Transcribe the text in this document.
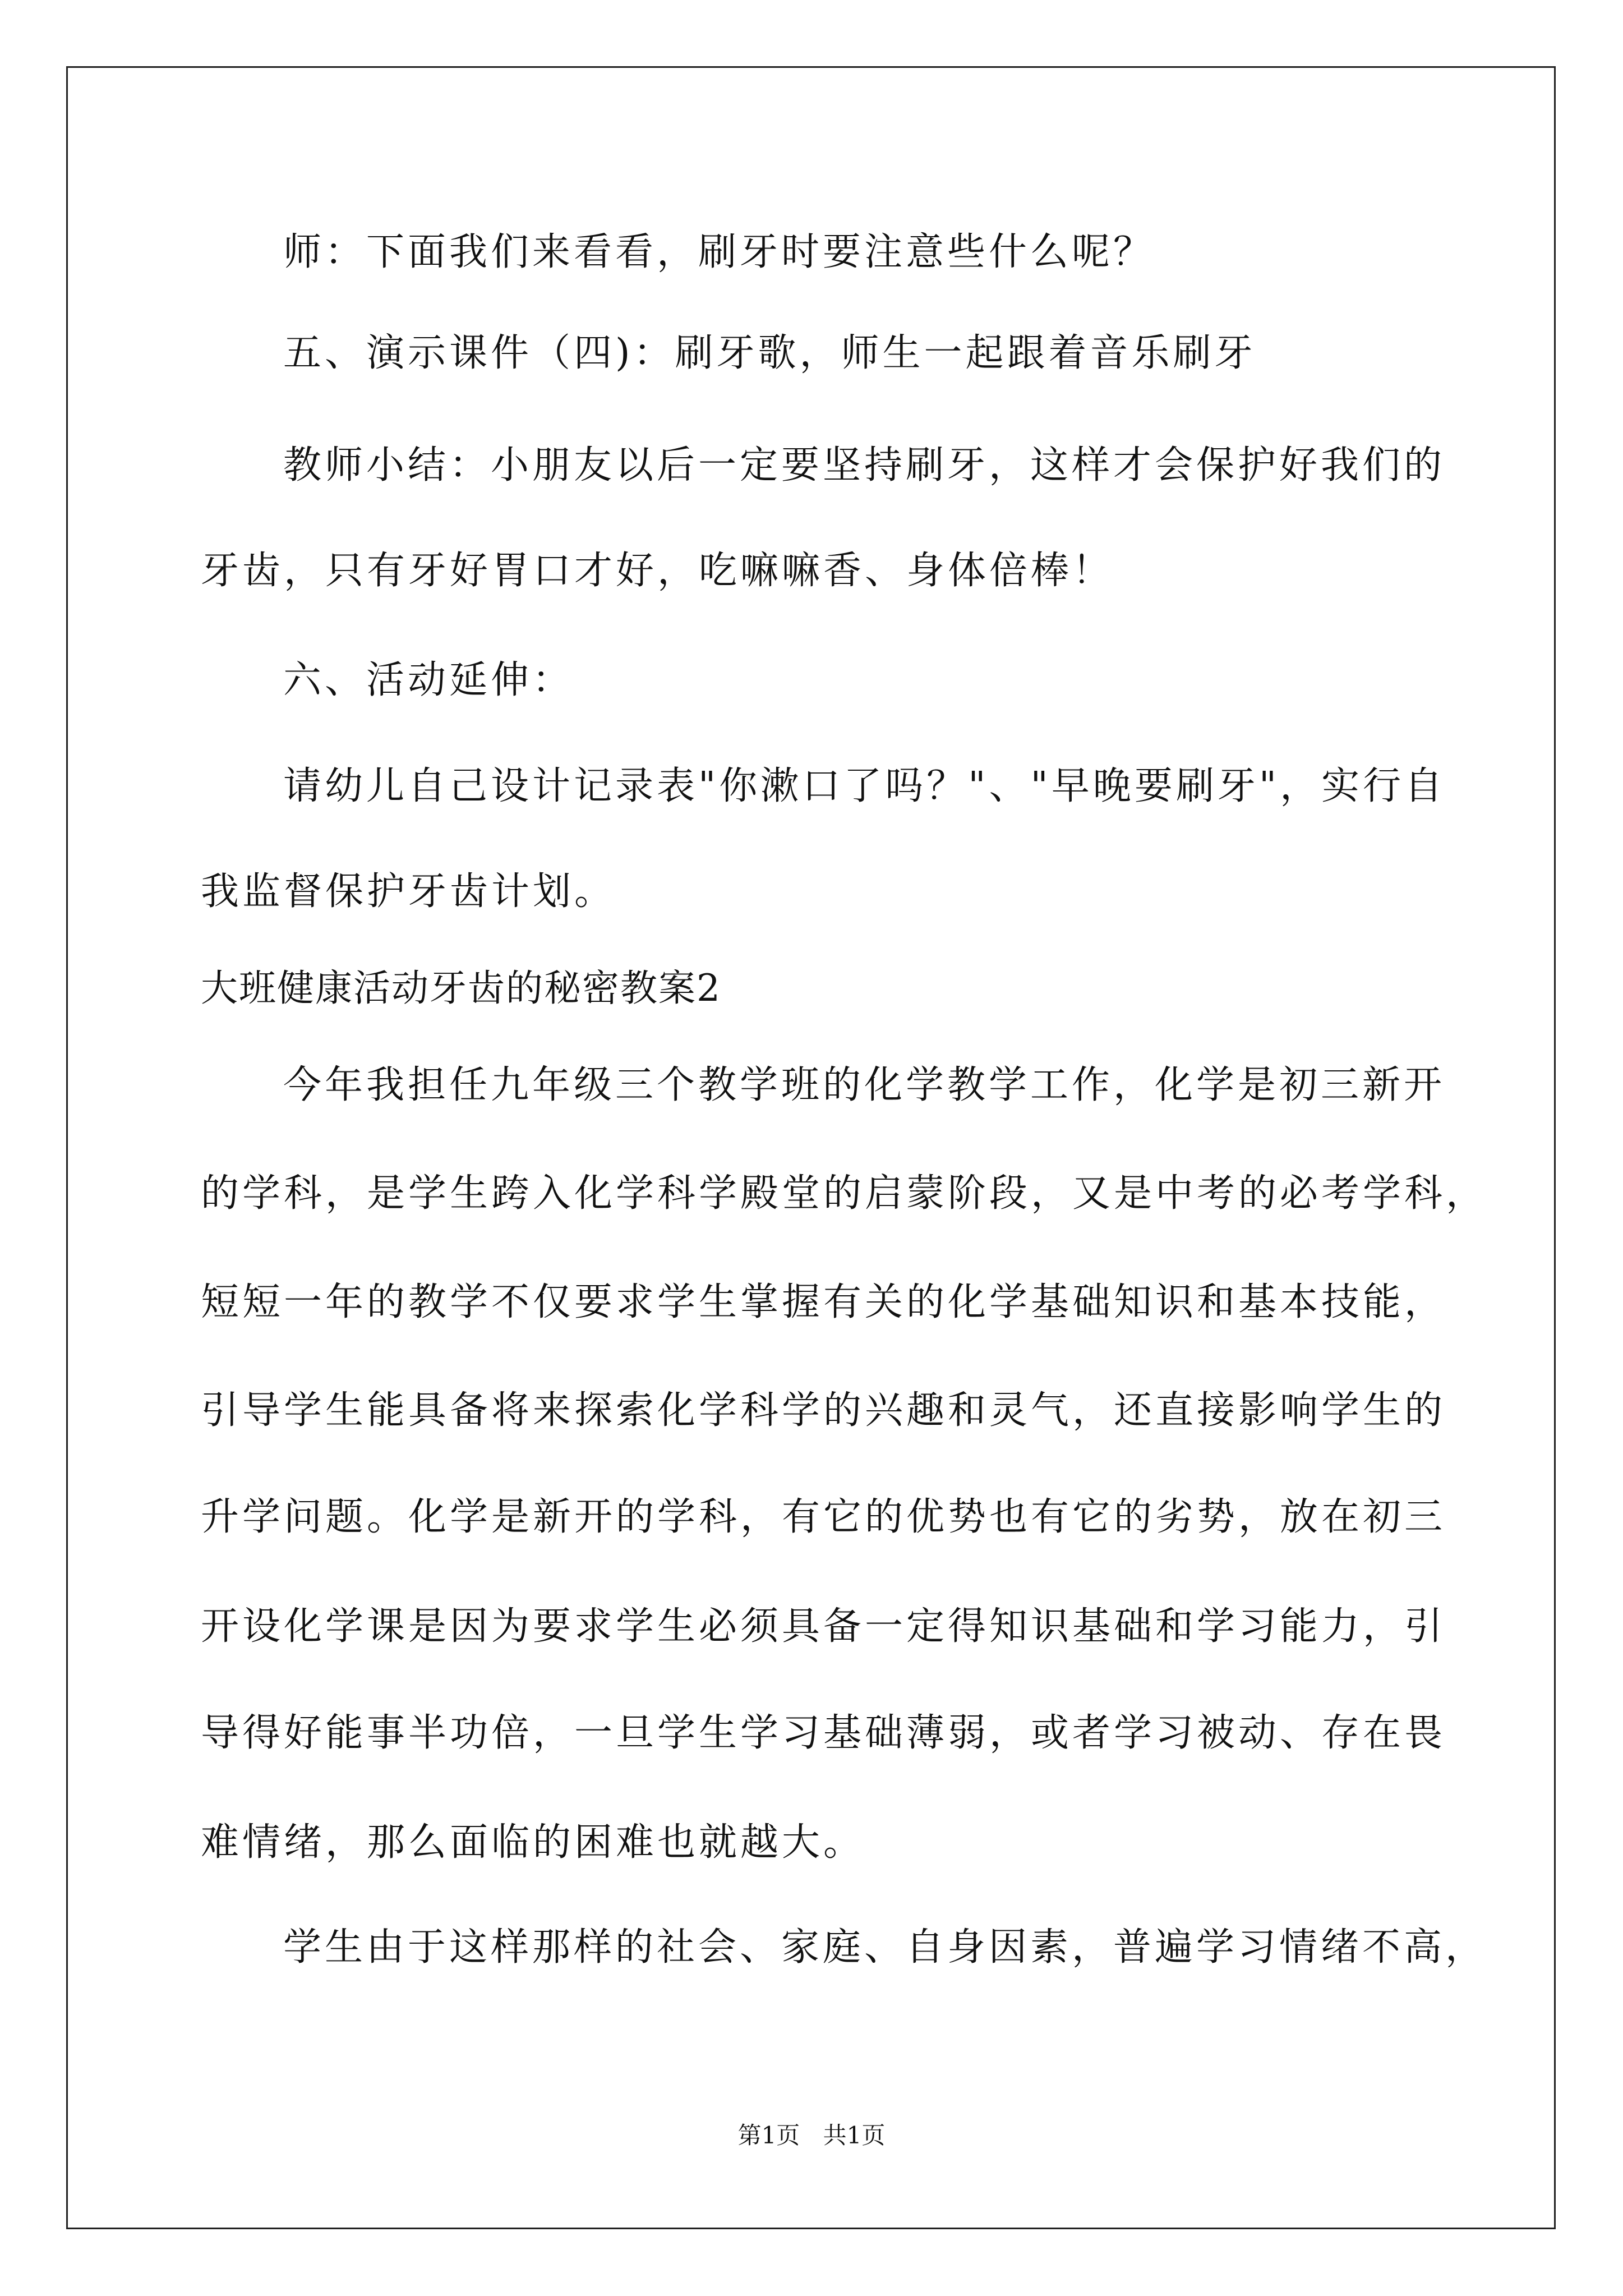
师：下面我们来看看，刷牙时要注意些什么呢？
五、演示课件（四)：刷牙歌，师生一起跟着音乐刷牙
教师小结：小朋友以后一定要坚持刷牙，这样才会保护好我们的
牙齿，只有牙好胃口才好，吃嘛嘛香、身体倍棒！
六、活动延伸：
请幼儿自己设计记录表"你漱口了吗？"、"早晚要刷牙"，实行自
我监督保护牙齿计划。
大班健康活动牙齿的秘密教案2
今年我担任九年级三个教学班的化学教学工作，化学是初三新开
的学科，是学生跨入化学科学殿堂的启蒙阶段，又是中考的必考学科，
短短一年的教学不仅要求学生掌握有关的化学基础知识和基本技能，
引导学生能具备将来探索化学科学的兴趣和灵气，还直接影响学生的
升学问题。化学是新开的学科，有它的优势也有它的劣势，放在初三
开设化学课是因为要求学生必须具备一定得知识基础和学习能力，引
导得好能事半功倍，一旦学生学习基础薄弱，或者学习被动、存在畏
难情绪，那么面临的困难也就越大。
学生由于这样那样的社会、家庭、自身因素，普遍学习情绪不高，
第1页 共1页
